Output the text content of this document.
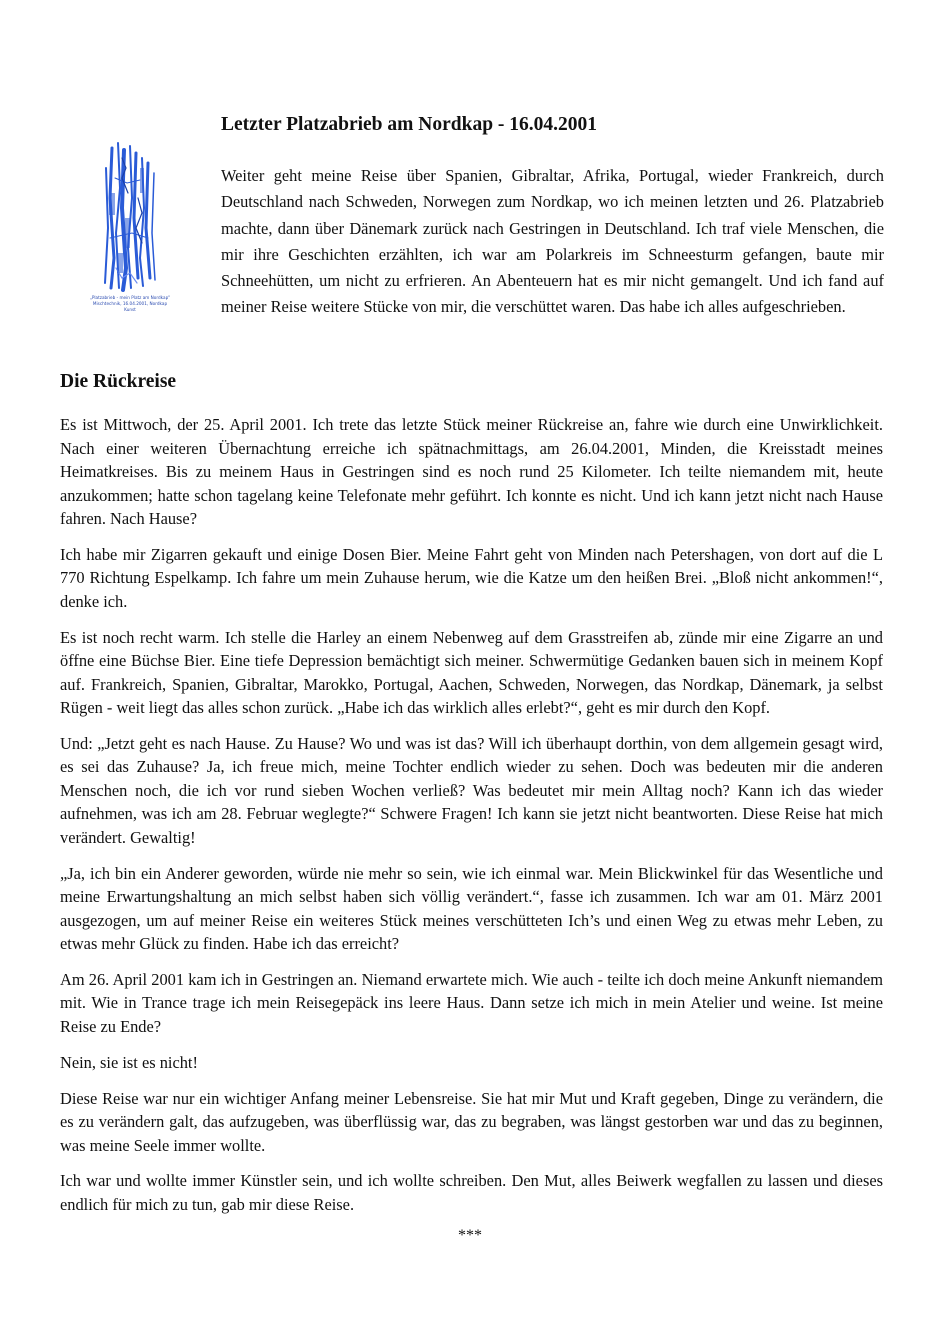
Letzter Platzabrieb am Nordkap - 16.04.2001
„Platzabrieb - mein Platz am Nordkap"
Mischtechnik, 16.04.2001, Nordkap
Kunst

Weiter geht meine Reise über Spanien, Gibraltar, Afrika, Portugal, wieder Frankreich, durch Deutschland nach Schweden, Norwegen zum Nordkap, wo ich meinen letzten und 26. Platzabrieb machte, dann über Dänemark zurück nach Gestringen in Deutschland. Ich traf viele Menschen, die mir ihre Geschichten erzählten, ich war am Polarkreis im Schneesturm gefangen, baute mir Schneehütten, um nicht zu erfrieren. An Abenteuern hat es mir nicht gemangelt. Und ich fand auf meiner Reise weitere Stücke von mir, die verschüttet waren. Das habe ich alles aufgeschrieben.

Die Rückreise

Es ist Mittwoch, der 25. April 2001. Ich trete das letzte Stück meiner Rückreise an, fahre wie durch eine Unwirklichkeit. Nach einer weiteren Übernachtung erreiche ich spätnachmittags, am 26.04.2001, Minden, die Kreisstadt meines Heimatkreises. Bis zu meinem Haus in Gestringen sind es noch rund 25 Kilometer. Ich teilte niemandem mit, heute anzukommen; hatte schon tagelang keine Telefonate mehr geführt. Ich konnte es nicht. Und ich kann jetzt nicht nach Hause fahren. Nach Hause?

Ich habe mir Zigarren gekauft und einige Dosen Bier. Meine Fahrt geht von Minden nach Petershagen, von dort auf die L 770 Richtung Espelkamp. Ich fahre um mein Zuhause herum, wie die Katze um den heißen Brei. „Bloß nicht ankommen!“, denke ich.

Es ist noch recht warm. Ich stelle die Harley an einem Nebenweg auf dem Grasstreifen ab, zünde mir eine Zigarre an und öffne eine Büchse Bier. Eine tiefe Depression bemächtigt sich meiner. Schwermütige Gedanken bauen sich in meinem Kopf auf. Frankreich, Spanien, Gibraltar, Marokko, Portugal, Aachen, Schweden, Norwegen, das Nordkap, Dänemark, ja selbst Rügen - weit liegt das alles schon zurück. „Habe ich das wirklich alles erlebt?“, geht es mir durch den Kopf.

Und: „Jetzt geht es nach Hause. Zu Hause? Wo und was ist das? Will ich überhaupt dorthin, von dem allgemein gesagt wird, es sei das Zuhause? Ja, ich freue mich, meine Tochter endlich wieder zu sehen. Doch was bedeuten mir die anderen Menschen noch, die ich vor rund sieben Wochen verließ? Was bedeutet mir mein Alltag noch? Kann ich das wieder aufnehmen, was ich am 28. Februar weglegte?“ Schwere Fragen! Ich kann sie jetzt nicht beantworten. Diese Reise hat mich verändert. Gewaltig!

„Ja, ich bin ein Anderer geworden, würde nie mehr so sein, wie ich einmal war. Mein Blickwinkel für das Wesentliche und meine Erwartungshaltung an mich selbst haben sich völlig verändert.“, fasse ich zusammen. Ich war am 01. März 2001 ausgezogen, um auf meiner Reise ein weiteres Stück meines verschütteten Ich’s und einen Weg zu etwas mehr Leben, zu etwas mehr Glück zu finden. Habe ich das erreicht?

Am 26. April 2001 kam ich in Gestringen an. Niemand erwartete mich. Wie auch - teilte ich doch meine Ankunft niemandem mit. Wie in Trance trage ich mein Reisegepäck ins leere Haus. Dann setze ich mich in mein Atelier und weine. Ist meine Reise zu Ende?

Nein, sie ist es nicht!

Diese Reise war nur ein wichtiger Anfang meiner Lebensreise. Sie hat mir Mut und Kraft gegeben, Dinge zu verändern, die es zu verändern galt, das aufzugeben, was überflüssig war, das zu begraben, was längst gestorben war und das zu beginnen, was meine Seele immer wollte.

Ich war und wollte immer Künstler sein, und ich wollte schreiben. Den Mut, alles Beiwerk wegfallen zu lassen und dieses endlich für mich zu tun, gab mir diese Reise.

***
